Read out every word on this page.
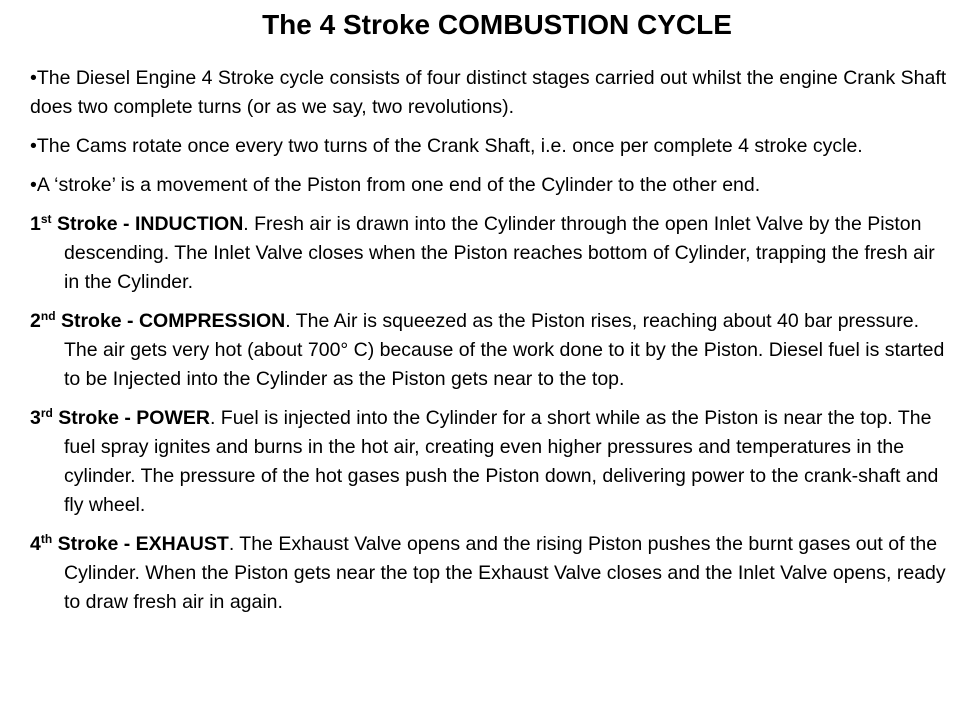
The 4 Stroke COMBUSTION CYCLE

•The Diesel Engine 4 Stroke cycle consists of four distinct stages carried out whilst the engine Crank Shaft does two complete turns (or as we say, two revolutions).

•The Cams rotate once every two turns of the Crank Shaft, i.e. once per complete 4 stroke cycle.

•A ‘stroke’ is a movement of the Piston from one end of the Cylinder to the other end.

1st Stroke - INDUCTION. Fresh air is drawn into the Cylinder through the open Inlet Valve by the Piston descending. The Inlet Valve closes when the Piston reaches bottom of Cylinder, trapping the fresh air in the Cylinder.

2nd Stroke - COMPRESSION. The Air is squeezed as the Piston rises, reaching about 40 bar pressure. The air gets very hot (about 700° C) because of the work done to it by the Piston. Diesel fuel is started to be Injected into the Cylinder as the Piston gets near to the top.

3rd Stroke - POWER. Fuel is injected into the Cylinder for a short while as the Piston is near the top. The fuel spray ignites and burns in the hot air, creating even higher pressures and temperatures in the cylinder. The pressure of the hot gases push the Piston down, delivering power to the crank-shaft and fly wheel.

4th Stroke - EXHAUST. The Exhaust Valve opens and the rising Piston pushes the burnt gases out of the Cylinder. When the Piston gets near the top the Exhaust Valve closes and the Inlet Valve opens, ready to draw fresh air in again.
